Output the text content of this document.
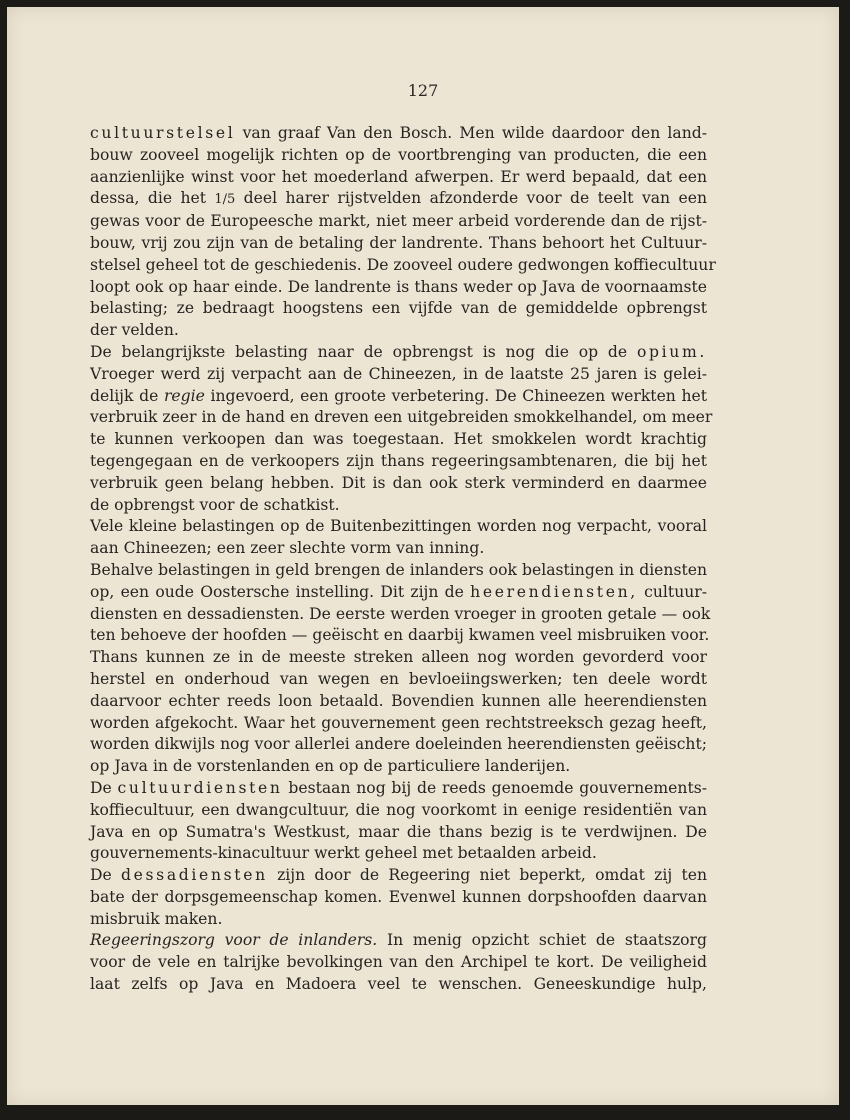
127
cultuurstelsel van graaf Van den Bosch. Men wilde daardoor den land-
bouw zooveel mogelijk richten op de voortbrenging van producten, die een
aanzienlijke winst voor het moederland afwerpen. Er werd bepaald, dat een
dessa, die het 1/5 deel harer rijstvelden afzonderde voor de teelt van een
gewas voor de Europeesche markt, niet meer arbeid vorderende dan de rijst-
bouw, vrij zou zijn van de betaling der landrente. Thans behoort het Cultuur-
stelsel geheel tot de geschiedenis. De zooveel oudere gedwongen koffiecultuur
loopt ook op haar einde. De landrente is thans weder op Java de voornaamste
belasting; ze bedraagt hoogstens een vijfde van de gemiddelde opbrengst
der velden.
De belangrijkste belasting naar de opbrengst is nog die op de opium.
Vroeger werd zij verpacht aan de Chineezen, in de laatste 25 jaren is gelei-
delijk de regie ingevoerd, een groote verbetering. De Chineezen werkten het
verbruik zeer in de hand en dreven een uitgebreiden smokkelhandel, om meer
te kunnen verkoopen dan was toegestaan. Het smokkelen wordt krachtig
tegengegaan en de verkoopers zijn thans regeeringsambtenaren, die bij het
verbruik geen belang hebben. Dit is dan ook sterk verminderd en daarmee
de opbrengst voor de schatkist.
Vele kleine belastingen op de Buitenbezittingen worden nog verpacht, vooral
aan Chineezen; een zeer slechte vorm van inning.
Behalve belastingen in geld brengen de inlanders ook belastingen in diensten
op, een oude Oostersche instelling. Dit zijn de heerendiensten, cultuur-
diensten en dessadiensten. De eerste werden vroeger in grooten getale — ook
ten behoeve der hoofden — geëischt en daarbij kwamen veel misbruiken voor.
Thans kunnen ze in de meeste streken alleen nog worden gevorderd voor
herstel en onderhoud van wegen en bevloeiingswerken; ten deele wordt
daarvoor echter reeds loon betaald. Bovendien kunnen alle heerendiensten
worden afgekocht. Waar het gouvernement geen rechtstreeksch gezag heeft,
worden dikwijls nog voor allerlei andere doeleinden heerendiensten geëischt;
op Java in de vorstenlanden en op de particuliere landerijen.
De cultuurdiensten bestaan nog bij de reeds genoemde gouvernements-
koffiecultuur, een dwangcultuur, die nog voorkomt in eenige residentiën van
Java en op Sumatra's Westkust, maar die thans bezig is te verdwijnen. De
gouvernements-kinacultuur werkt geheel met betaalden arbeid.
De dessadiensten zijn door de Regeering niet beperkt, omdat zij ten
bate der dorpsgemeenschap komen. Evenwel kunnen dorpshoofden daarvan
misbruik maken.
Regeeringszorg voor de inlanders. In menig opzicht schiet de staatszorg
voor de vele en talrijke bevolkingen van den Archipel te kort. De veiligheid
laat zelfs op Java en Madoera veel te wenschen. Geneeskundige hulp,
